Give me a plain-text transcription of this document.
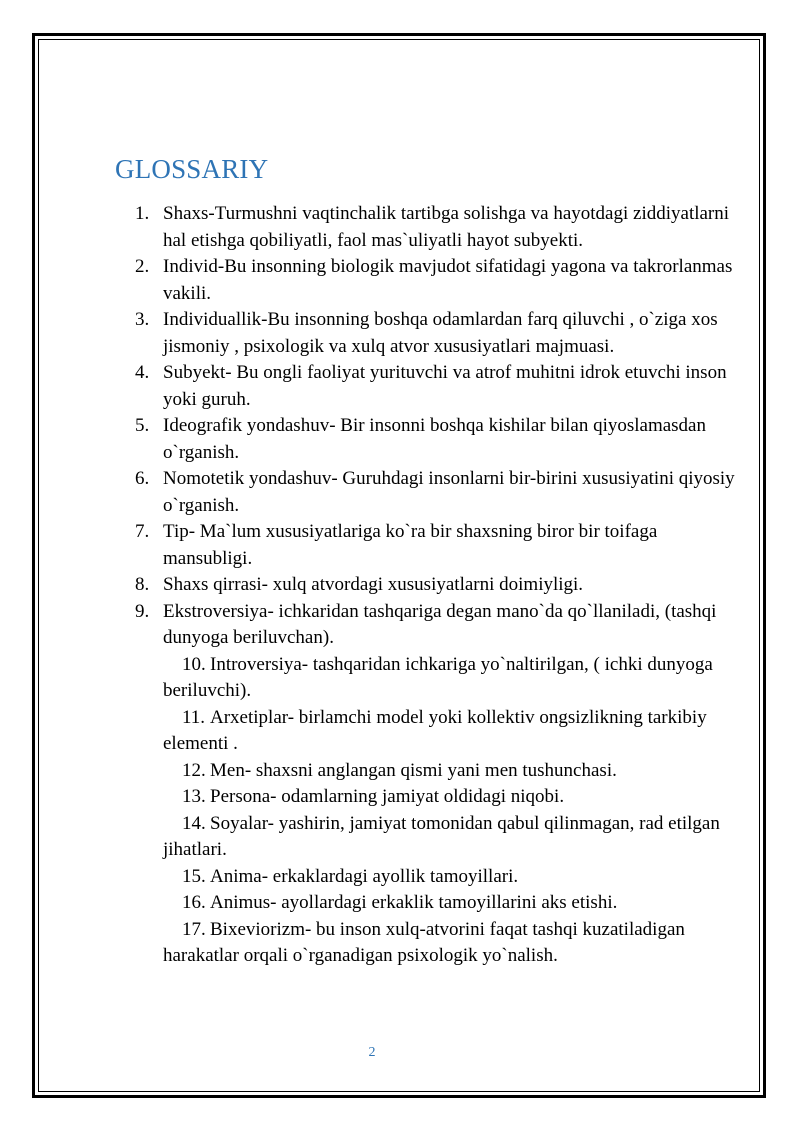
GLOSSARIY
1. Shaxs-Turmushni vaqtinchalik tartibga solishga va hayotdagi ziddiyatlarni hal etishga qobiliyatli, faol mas`uliyatli hayot subyekti.
2. Individ-Bu insonning biologik mavjudot sifatidagi yagona va takrorlanmas vakili.
3. Individuallik-Bu insonning boshqa odamlardan farq qiluvchi , o`ziga xos jismoniy , psixologik va xulq atvor xususiyatlari majmuasi.
4. Subyekt- Bu ongli faoliyat yurituvchi va atrof muhitni idrok etuvchi inson yoki guruh.
5. Ideografik yondashuv- Bir insonni boshqa kishilar bilan qiyoslamasdan o`rganish.
6. Nomotetik yondashuv- Guruhdagi insonlarni bir-birini xususiyatini qiyosiy o`rganish.
7. Tip- Ma`lum xususiyatlariga ko`ra bir shaxsning biror bir toifaga mansubligi.
8. Shaxs qirrasi- xulq atvordagi xususiyatlarni doimiyligi.
9. Ekstroversiya- ichkaridan tashqariga degan mano`da qo`llaniladi, (tashqi dunyoga beriluvchan).
10. Introversiya- tashqaridan ichkariga yo`naltirilgan, ( ichki dunyoga beriluvchi).
11. Arxetiplar- birlamchi model yoki kollektiv ongsizlikning tarkibiy elementi .
12. Men- shaxsni anglangan qismi yani men tushunchasi.
13. Persona- odamlarning jamiyat oldidagi niqobi.
14. Soyalar- yashirin, jamiyat tomonidan qabul qilinmagan, rad etilgan jihatlari.
15. Anima- erkaklardagi ayollik tamoyillari.
16. Animus- ayollardagi erkaklik tamoyillarini aks etishi.
17. Bixeviorizm- bu inson xulq-atvorini faqat tashqi kuzatiladigan harakatlar orqali o`rganadigan psixologik yo`nalish.
2
